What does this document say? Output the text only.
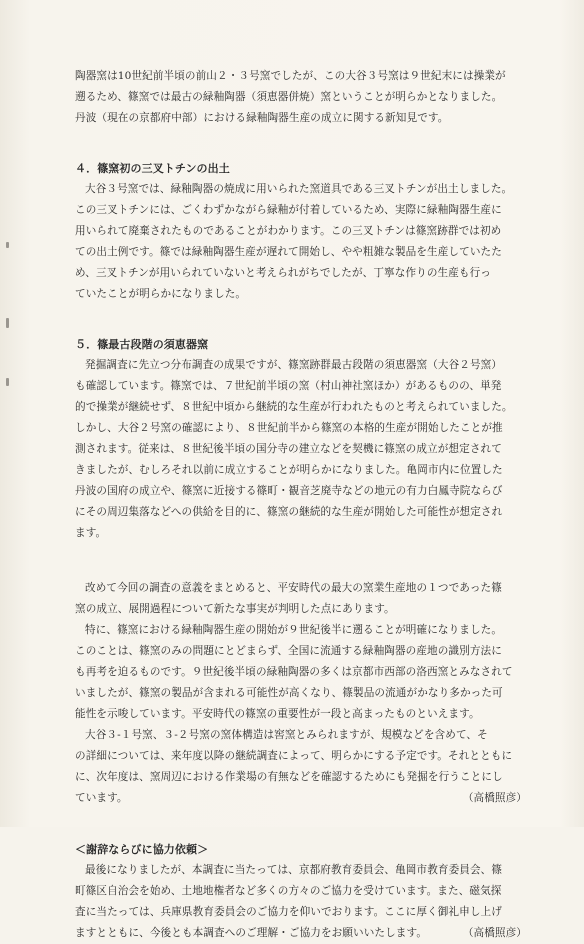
陶器窯は10世紀前半頃の前山２・３号窯でしたが、この大谷３号窯は９世紀末には操業が
遡るため、篠窯では最古の緑釉陶器（須恵器併焼）窯ということが明らかとなりました。
丹波（現在の京都府中部）における緑釉陶器生産の成立に関する新知見です。

４．篠窯初の三叉トチンの出土

大谷３号窯では、緑釉陶器の焼成に用いられた窯道具である三叉トチンが出土しました。
この三叉トチンには、ごくわずかながら緑釉が付着しているため、実際に緑釉陶器生産に
用いられて廃棄されたものであることがわかります。この三叉トチンは篠窯跡群では初め
ての出土例です。篠では緑釉陶器生産が遅れて開始し、やや粗雑な製品を生産していたた
め、三叉トチンが用いられていないと考えられがちでしたが、丁寧な作りの生産も行っ
ていたことが明らかになりました。

５．篠最古段階の須恵器窯

発掘調査に先立つ分布調査の成果ですが、篠窯跡群最古段階の須恵器窯（大谷２号窯）
も確認しています。篠窯では、７世紀前半頃の窯（村山神社窯ほか）があるものの、単発
的で操業が継続せず、８世紀中頃から継続的な生産が行われたものと考えられていました。
しかし、大谷２号窯の確認により、８世紀前半から篠窯の本格的生産が開始したことが推
測されます。従来は、８世紀後半頃の国分寺の建立などを契機に篠窯の成立が想定されて
きましたが、むしろそれ以前に成立することが明らかになりました。亀岡市内に位置した
丹波の国府の成立や、篠窯に近接する篠町・観音芝廃寺などの地元の有力白鳳寺院ならび
にその周辺集落などへの供給を目的に、篠窯の継続的な生産が開始した可能性が想定され
ます。
改めて今回の調査の意義をまとめると、平安時代の最大の窯業生産地の１つであった篠
窯の成立、展開過程について新たな事実が判明した点にあります。
特に、篠窯における緑釉陶器生産の開始が９世紀後半に遡ることが明確になりました。
このことは、篠窯のみの問題にとどまらず、全国に流通する緑釉陶器の産地の識別方法に
も再考を迫るものです。９世紀後半頃の緑釉陶器の多くは京都市西部の洛西窯とみなされて
いましたが、篠窯の製品が含まれる可能性が高くなり、篠製品の流通がかなり多かった可
能性を示唆しています。平安時代の篠窯の重要性が一段と高まったものといえます。
大谷３‐１号窯、３‐２号窯の窯体構造は窖窯とみられますが、規模などを含めて、そ
の詳細については、来年度以降の継続調査によって、明らかにする予定です。それとともに
に、次年度は、窯周辺における作業場の有無などを確認するためにも発掘を行うことにし
ています。	（高橋照彦）

＜謝辞ならびに協力依頼＞

最後になりましたが、本調査に当たっては、京都府教育委員会、亀岡市教育委員会、篠
町篠区自治会を始め、土地地権者など多くの方々のご協力を受けています。また、磁気探
査に当たっては、兵庫県教育委員会のご協力を仰いでおります。ここに厚く御礼申し上げ
ますとともに、今後とも本調査へのご理解・ご協力をお願いいたします。	（高橋照彦）
